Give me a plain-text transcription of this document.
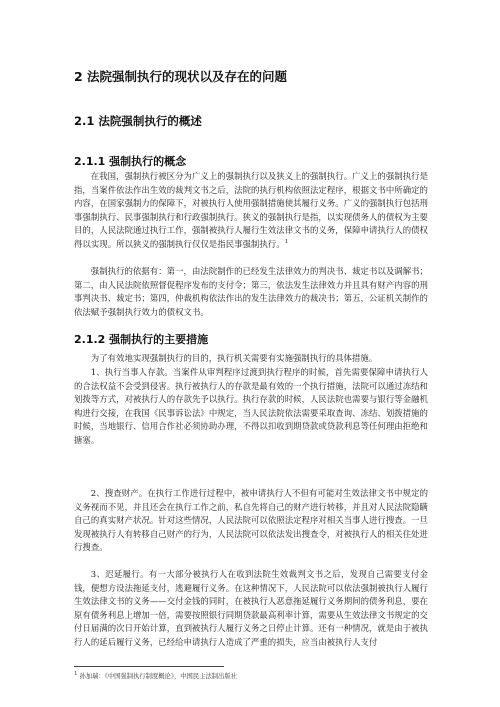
2 法院强制执行的现状以及存在的问题
2.1 法院强制执行的概述
2.1.1 强制执行的概念
在我国，强制执行被区分为广义上的强制执行以及狭义上的强制执行。广义上的强制执行是指，当案件依法作出生效的裁判文书之后，法院的执行机构依照法定程序，根据文书中所确定的内容，在国家强制力的保障下，对被执行人使用强制措施使其履行义务。广义的强制执行包括刑事强制执行、民事强制执行和行政强制执行。狭义的强制执行是指，以实现债务人的债权为主要目的，人民法院通过执行工作，强制被执行人履行生效法律文书的义务，保障申请执行人的债权得以实现。所以狭义的强制执行仅仅是指民事强制执行。$^1$
强制执行的依据有：第一，由法院制作的已经发生法律效力的判决书、裁定书以及调解书；第二，由人民法院依照督促程序发布的支付令；第三，依法发生法律效力并且具有财产内容的刑事判决书、裁定书；第四，仲裁机构依法作出的发生法律效力的裁决书；第五，公证机关制作的依法赋予强制执行效力的债权文书。
2.1.2 强制执行的主要措施
为了有效地实现强制执行的目的，执行机关需要有实施强制执行的具体措施。
1、执行当事人存款。当案件从审判程序过渡到执行程序的时候，首先需要保障申请执行人的合法权益不会受到侵害。执行被执行人的存款是最有效的一个执行措施，法院可以通过冻结和划拨等方式，对被执行人的存款先予以执行。执行存款的时候，人民法院也需要与银行等金融机构进行交接，在我国《民事诉讼法》中规定，当人民法院依法需要采取查询、冻结、划拨措施的时候，当地银行、信用合作社必须协助办理，不得以扣收到期贷款或贷款利息等任何理由拒绝和搪塞。
2、搜查财产。在执行工作进行过程中，被申请执行人不但有可能对生效法律文书中规定的义务视而不见，并且还会在执行工作之前，私自先将自己的财产进行转移，并且对人民法院隐瞒自己的真实财产状况。针对这些情况，人民法院可以依照法定程序对相关当事人进行搜查。一旦发现被执行人有转移自己财产的行为，人民法院可以依法发出搜查令，对被执行人的相关住处进行搜查。
3、迟延履行。有一大部分被执行人在收到法院生效裁判文书之后，发现自己需要支付金钱，便想方设法拖延支付，逃避履行义务。在这种情况下，人民法院可以依法强制被执行人履行生效法律文书的义务——交付金钱的同时，在被执行人恶意拖延履行义务期间的债务利息，要在原有债务利息上增加一倍，需要按照银行同期贷款最高利率计算，需要从生效法律文书规定的交付日届满的次日开始计算，直到被执行人履行义务之日停止计算。还有一种情况，就是由于被执行人的延后履行义务，已经给申请执行人造成了严重的损失，应当由被执行人支付
$^1$ 孙加瑞：《中国强制执行制度概论》，中国民主法制出版社
